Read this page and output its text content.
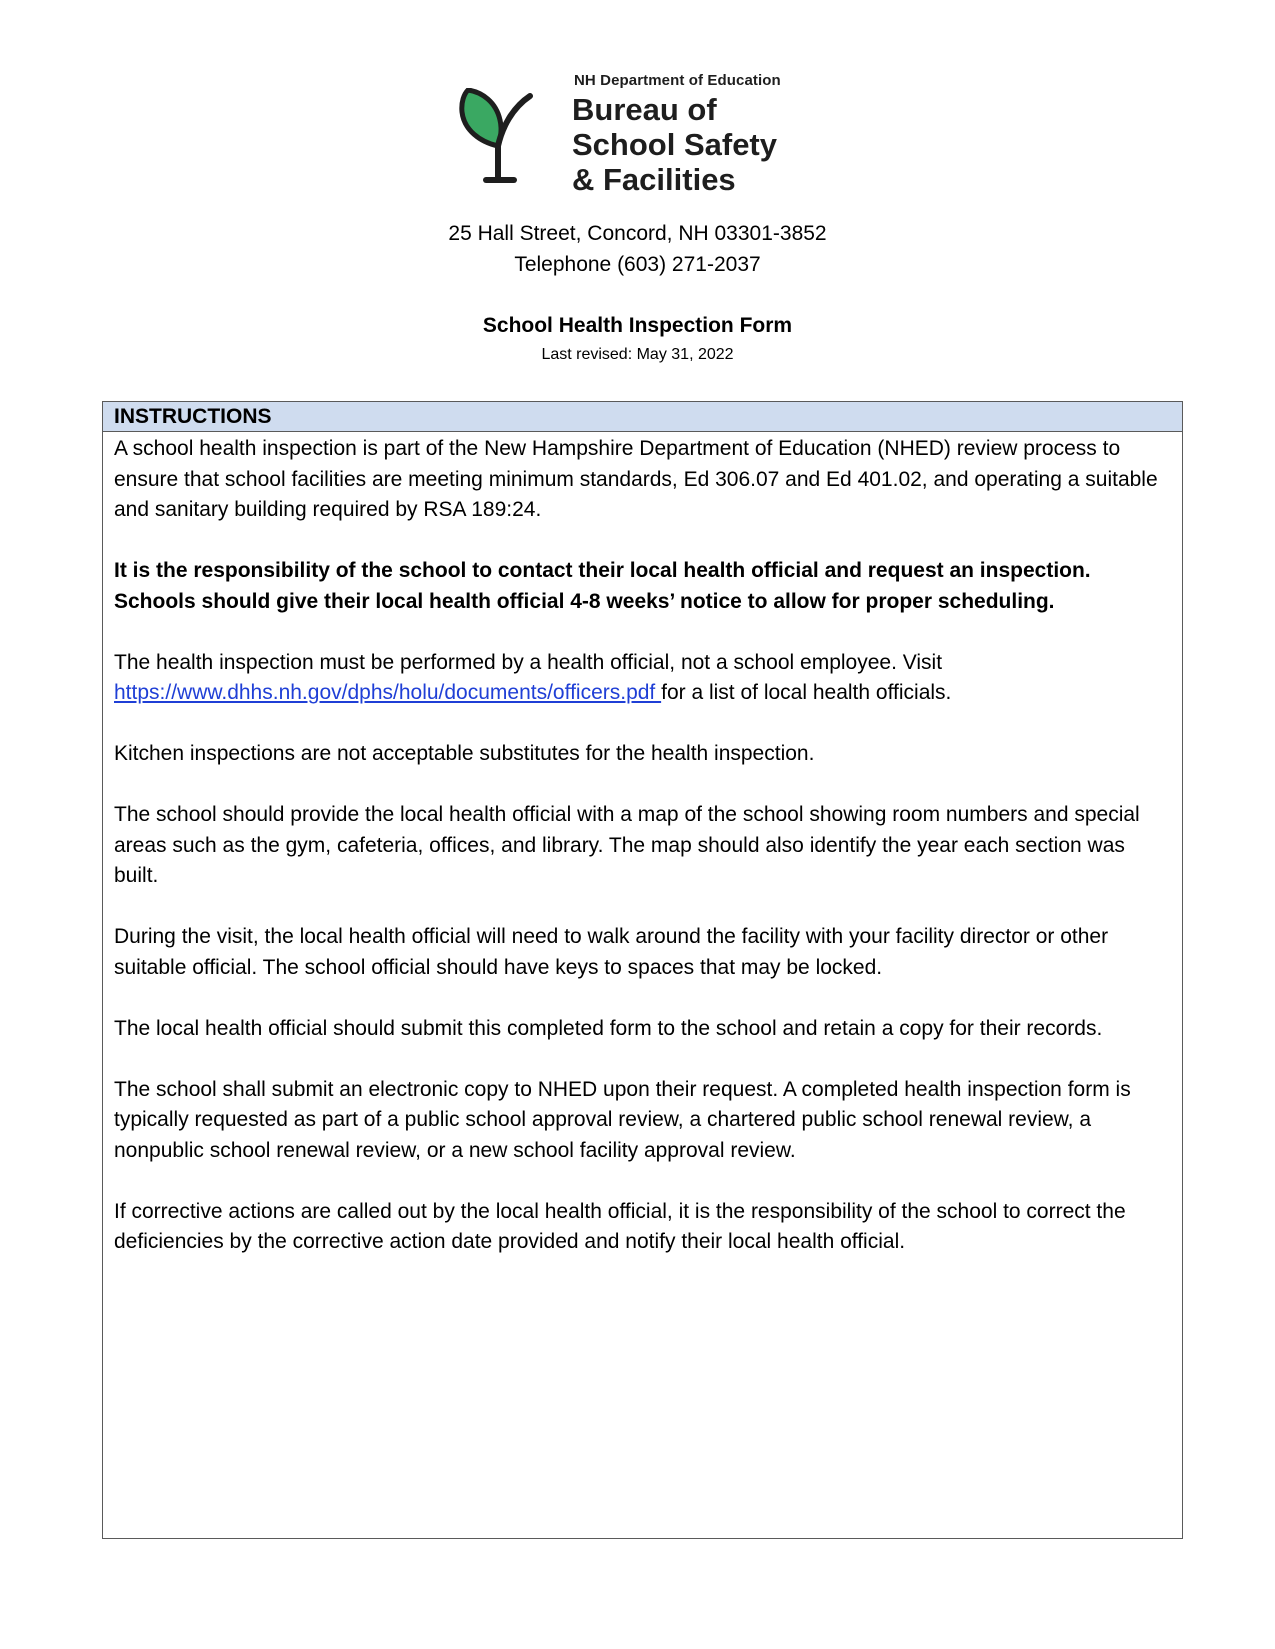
NH Department of Education
Bureau of
School Safety
& Facilities
25 Hall Street, Concord, NH 03301-3852
Telephone (603) 271-2037
School Health Inspection Form
Last revised: May 31, 2022
INSTRUCTIONS

A school health inspection is part of the New Hampshire Department of Education (NHED) review process to ensure that school facilities are meeting minimum standards, Ed 306.07 and Ed 401.02, and operating a suitable and sanitary building required by RSA 189:24.

It is the responsibility of the school to contact their local health official and request an inspection. Schools should give their local health official 4-8 weeks’ notice to allow for proper scheduling.

The health inspection must be performed by a health official, not a school employee. Visit
https://www.dhhs.nh.gov/dphs/holu/documents/officers.pdf for a list of local health officials.

Kitchen inspections are not acceptable substitutes for the health inspection.

The school should provide the local health official with a map of the school showing room numbers and special areas such as the gym, cafeteria, offices, and library. The map should also identify the year each section was built.

During the visit, the local health official will need to walk around the facility with your facility director or other suitable official. The school official should have keys to spaces that may be locked.

The local health official should submit this completed form to the school and retain a copy for their records.

The school shall submit an electronic copy to NHED upon their request. A completed health inspection form is typically requested as part of a public school approval review, a chartered public school renewal review, a nonpublic school renewal review, or a new school facility approval review.

If corrective actions are called out by the local health official, it is the responsibility of the school to correct the deficiencies by the corrective action date provided and notify their local health official.
